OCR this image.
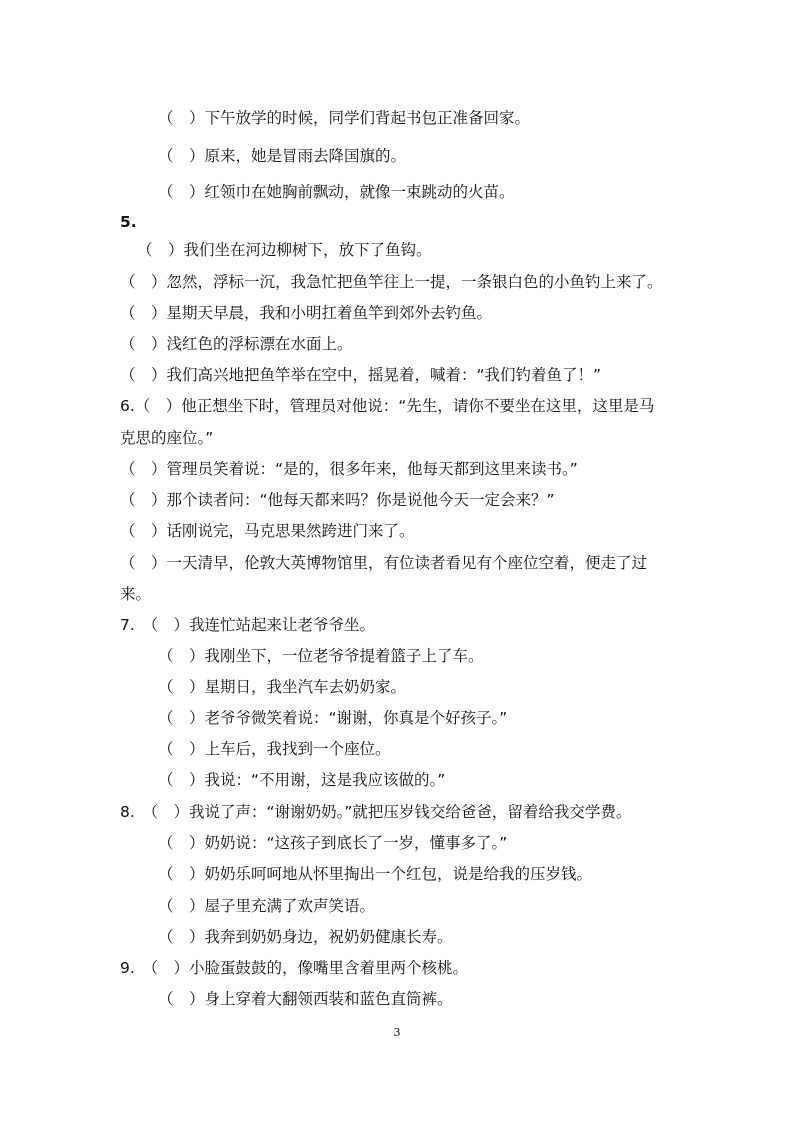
（　）下午放学的时候，同学们背起书包正准备回家。
（　）原来，她是冒雨去降国旗的。
（　）红领巾在她胸前飘动，就像一束跳动的火苗。
5.
（　）我们坐在河边柳树下，放下了鱼钩。
（　）忽然，浮标一沉，我急忙把鱼竿往上一提，一条银白色的小鱼钓上来了。
（　）星期天早晨，我和小明扛着鱼竿到郊外去钓鱼。
（　）浅红色的浮标漂在水面上。
（　）我们高兴地把鱼竿举在空中，摇晃着，喊着：“我们钓着鱼了！”
6.（　）他正想坐下时，管理员对他说：“先生，请你不要坐在这里，这里是马
克思的座位。”
（　）管理员笑着说：“是的，很多年来，他每天都到这里来读书。”
（　）那个读者问：“他每天都来吗？你是说他今天一定会来？”
（　）话刚说完，马克思果然跨进门来了。
（　）一天清早，伦敦大英博物馆里，有位读者看见有个座位空着，便走了过
来。
7.　（　）我连忙站起来让老爷爷坐。
（　）我刚坐下，一位老爷爷提着篮子上了车。
（　）星期日，我坐汽车去奶奶家。
（　）老爷爷微笑着说：“谢谢，你真是个好孩子。”
（　）上车后，我找到一个座位。
（　）我说：“不用谢，这是我应该做的。”
8.　（　）我说了声：“谢谢奶奶。”就把压岁钱交给爸爸，留着给我交学费。
（　）奶奶说：“这孩子到底长了一岁，懂事多了。”
（　）奶奶乐呵呵地从怀里掏出一个红包，说是给我的压岁钱。
（　）屋子里充满了欢声笑语。
（　）我奔到奶奶身边，祝奶奶健康长寿。
9.　（　）小脸蛋鼓鼓的，像嘴里含着里两个核桃。
（　）身上穿着大翻领西装和蓝色直筒裤。
3
